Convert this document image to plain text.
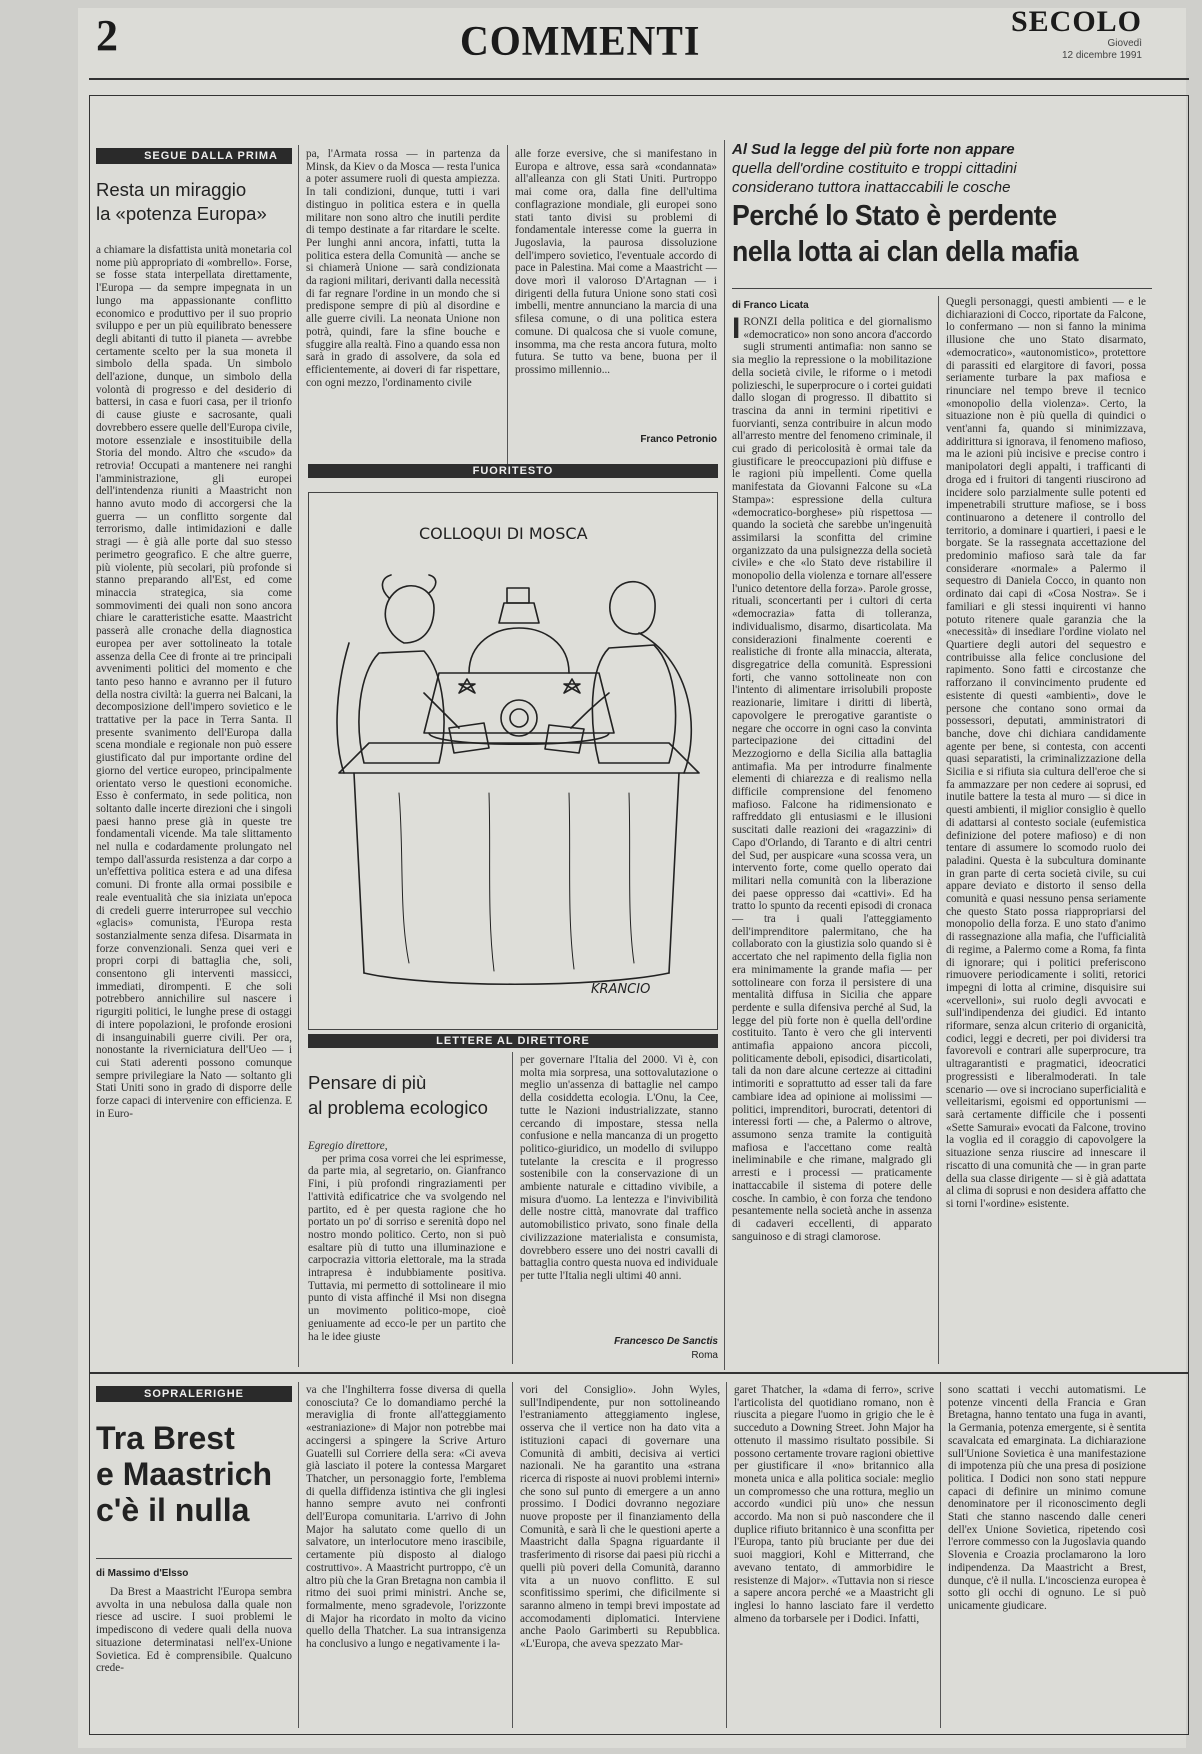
2	COMMENTI	SECOLO
Giovedì
12 dicembre 1991
SEGUE DALLA PRIMA
Resta un miraggio
la «potenza Europa»

a chiamare la disfattista unità monetaria col nome più appropriato di «ombrello». Forse, se fosse stata interpellata direttamente, l'Europa — da sempre impegnata in un lungo ma appassionante conflitto economico e produttivo per il suo proprio sviluppo e per un più equilibrato benessere degli abitanti di tutto il pianeta — avrebbe certamente scelto per la sua moneta il simbolo della spada. Un simbolo dell'azione, dunque, un simbolo della volontà di progresso e del desiderio di battersi, in casa e fuori casa, per il trionfo di cause giuste e sacrosante, quali dovrebbero essere quelle dell'Europa civile, motore essenziale e insostituibile della Storia del mondo. Altro che «scudo» da retrovia! Occupati a mantenere nei ranghi l'amministrazione, gli europei dell'intendenza riuniti a Maastricht non hanno avuto modo di accorgersi che la guerra — un conflitto sorgente dal terrorismo, dalle intimidazioni e dalle stragi — è già alle porte dal suo stesso perimetro geografico. E che altre guerre, più violente, più secolari, più profonde si stanno preparando all'Est, ed come minaccia strategica, sia come sommovimenti dei quali non sono ancora chiare le caratteristiche esatte. Maastricht passerà alle cronache della diagnostica europea per aver sottolineato la totale assenza della Cee di fronte ai tre principali avvenimenti politici del momento e che tanto peso hanno e avranno per il futuro della nostra civiltà: la guerra nei Balcani, la decomposizione dell'impero sovietico e le trattative per la pace in Terra Santa. Il presente svanimento dell'Europa dalla scena mondiale e regionale non può essere giustificato dal pur importante ordine del giorno del vertice europeo, principalmente orientato verso le questioni economiche. Esso è confermato, in sede politica, non soltanto dalle incerte direzioni che i singoli paesi hanno prese già in queste tre fondamentali vicende. Ma tale slittamento nel nulla e codardamente prolungato nel tempo dall'assurda resistenza a dar corpo a un'effettiva politica estera e ad una difesa comuni. Di fronte alla ormai possibile e reale eventualità che sia iniziata un'epoca di credeli guerre interurropee sul vecchio «glacis» comunista, l'Europa resta sostanzialmente senza difesa. Disarmata in forze convenzionali. Senza quei veri e propri corpi di battaglia che, soli, consentono gli interventi massicci, immediati, dirompenti. E che soli potrebbero annichilire sul nascere i rigurgiti politici, le lunghe prese di ostaggi di intere popolazioni, le profonde erosioni di insanguinabili guerre civili. Per ora, nonostante la riverniciatura dell'Ueo — i cui Stati aderenti possono comunque sempre privilegiare la Nato — soltanto gli Stati Uniti sono in grado di disporre delle forze capaci di intervenire con efficienza. E in Euro-

pa, l'Armata rossa — in partenza da Minsk, da Kiev o da Mosca — resta l'unica a poter assumere ruoli di questa ampiezza. In tali condizioni, dunque, tutti i vari distinguo in politica estera e in quella militare non sono altro che inutili perdite di tempo destinate a far ritardare le scelte. Per lunghi anni ancora, infatti, tutta la politica estera della Comunità — anche se si chiamerà Unione — sarà condizionata da ragioni militari, derivanti dalla necessità di far regnare l'ordine in un mondo che si predispone sempre di più al disordine e alle guerre civili. La neonata Unione non potrà, quindi, fare la sfine bouche e sfuggire alla realtà. Fino a quando essa non sarà in grado di assolvere, da sola ed efficientemente, ai doveri di far rispettare, con ogni mezzo, l'ordinamento civile

alle forze eversive, che si manifestano in Europa e altrove, essa sarà «condannata» all'alleanza con gli Stati Uniti. Purtroppo mai come ora, dalla fine dell'ultima conflagrazione mondiale, gli europei sono stati tanto divisi su problemi di fondamentale interesse come la guerra in Jugoslavia, la paurosa dissoluzione dell'impero sovietico, l'eventuale accordo di pace in Palestina. Mai come a Maastricht — dove morì il valoroso D'Artagnan — i dirigenti della futura Unione sono stati così imbelli, mentre annunciano la marcia di una sfilesa comune, o di una politica estera comune. Di qualcosa che si vuole comune, insomma, ma che resta ancora futura, molto futura. Se tutto va bene, buona per il prossimo millennio...

Franco Petronio
FUORITESTO
COLLOQUI DI MOSCA
KRANCIO
LETTERE AL DIRETTORE
Pensare di più
al problema ecologico

Egregio direttore,

per prima cosa vorrei che lei esprimesse, da parte mia, al segretario, on. Gianfranco Fini, i più profondi ringraziamenti per l'attività edificatrice che va svolgendo nel partito, ed è per questa ragione che ho portato un po' di sorriso e serenità dopo nel nostro mondo politico. Certo, non si può esaltare più di tutto una illuminazione e carpocrazia vittoria elettorale, ma la strada intrapresa è indubbiamente positiva. Tuttavia, mi permetto di sottolineare il mio punto di vista affinché il Msi non disegna un movimento politico-mope, cioè geniuamente ad ecco-le per un partito che ha le idee giuste

per governare l'Italia del 2000. Vi è, con molta mia sorpresa, una sottovalutazione o meglio un'assenza di battaglie nel campo della cosiddetta ecologia. L'Onu, la Cee, tutte le Nazioni industrializzate, stanno cercando di impostare, stessa nella confusione e nella mancanza di un progetto politico-giuridico, un modello di sviluppo tutelante la crescita e il progresso sostenibile con la conservazione di un ambiente naturale e cittadino vivibile, a misura d'uomo. La lentezza e l'invivibilità delle nostre città, manovrate dal traffico automobilistico privato, sono finale della civilizzazione materialista e consumista, dovrebbero essere uno dei nostri cavalli di battaglia contro questa nuova ed individuale per tutte l'Italia negli ultimi 40 anni.

Francesco De Sanctis
Roma
Al Sud la legge del più forte non appare
quella dell'ordine costituito e troppi cittadini
considerano tuttora inattaccabili le cosche
Perché lo Stato è perdente
nella lotta ai clan della mafia
di Franco Licata
I RONZI della politica e del giornalismo «democratico» non sono ancora d'accordo sugli strumenti antimafia: non sanno se sia meglio la repressione o la mobilitazione della società civile, le riforme o i metodi polizieschi, le superprocure o i cortei guidati dallo slogan di progresso. Il dibattito si trascina da anni in termini ripetitivi e fuorvianti, senza contribuire in alcun modo all'arresto mentre del fenomeno criminale, il cui grado di pericolosità è ormai tale da giustificare le preoccupazioni più diffuse e le ragioni più impellenti. Come quella manifestata da Giovanni Falcone su «La Stampa»: espressione della cultura «democratico-borghese» più rispettosa — quando la società che sarebbe un'ingenuità assimilarsi la sconfitta del crimine organizzato da una pulsignezza della società civile» e che «lo Stato deve ristabilire il monopolio della violenza e tornare all'essere l'unico detentore della forza». Parole grosse, rituali, sconcertanti per i cultori di certa «democrazia» fatta di tolleranza, individualismo, disarmo, disarticolata. Ma considerazioni finalmente coerenti e realistiche di fronte alla minaccia, alterata, disgregatrice della comunità. Espressioni forti, che vanno sottolineate non con l'intento di alimentare irrisolubili proposte reazionarie, limitare i diritti di libertà, capovolgere le prerogative garantiste o negare che occorre in ogni caso la convinta partecipazione dei cittadini del Mezzogiorno e della Sicilia alla battaglia antimafia. Ma per introdurre finalmente elementi di chiarezza e di realismo nella difficile comprensione del fenomeno mafioso. Falcone ha ridimensionato e raffreddato gli entusiasmi e le illusioni suscitati dalle reazioni dei «ragazzini» di Capo d'Orlando, di Taranto e di altri centri del Sud, per auspicare «una scossa vera, un intervento forte, come quello operato dai militari nella comunità con la liberazione dei paese oppresso dai «cattivi». Ed ha tratto lo spunto da recenti episodi di cronaca — tra i quali l'atteggiamento dell'imprenditore palermitano, che ha collaborato con la giustizia solo quando si è accertato che nel rapimento della figlia non era minimamente la grande mafia — per sottolineare con forza il persistere di una mentalità diffusa in Sicilia che appare perdente e sulla difensiva perché al Sud, la legge del più forte non è quella dell'ordine costituito. Tanto è vero che gli interventi antimafia appaiono ancora piccoli, politicamente deboli, episodici, disarticolati, tali da non dare alcune certezze ai cittadini intimoriti e soprattutto ad esser tali da fare cambiare idea ad opinione ai molissimi — politici, imprenditori, burocrati, detentori di interessi forti — che, a Palermo o altrove, assumono senza tramite la contiguità mafiosa e l'accettano come realtà ineliminabile e che rimane, malgrado gli arresti e i processi — praticamente inattaccabile il sistema di potere delle cosche. In cambio, è con forza che tendono pesantemente nella società anche in assenza di cadaveri eccellenti, di apparato sanguinoso e di stragi clamorose.

Quegli personaggi, questi ambienti — e le dichiarazioni di Cocco, riportate da Falcone, lo confermano — non si fanno la minima illusione che uno Stato disarmato, «democratico», «autonomistico», protettore di parassiti ed elargitore di favori, possa seriamente turbare la pax mafiosa e rinunciare nel tempo breve il tecnico «monopolio della violenza». Certo, la situazione non è più quella di quindici o vent'anni fa, quando si minimizzava, addirittura si ignorava, il fenomeno mafioso, ma le azioni più incisive e precise contro i manipolatori degli appalti, i trafficanti di droga ed i fruitori di tangenti riuscirono ad incidere solo parzialmente sulle potenti ed impenetrabili strutture mafiose, se i boss continuarono a detenere il controllo del territorio, a dominare i quartieri, i paesi e le borgate. Se la rassegnata accettazione del predominio mafioso sarà tale da far considerare «normale» a Palermo il sequestro di Daniela Cocco, in quanto non ordinato dai capi di «Cosa Nostra». Se i familiari e gli stessi inquirenti vi hanno potuto ritenere quale garanzia che la «necessità» di insediare l'ordine violato nel Quartiere degli autori del sequestro e contribuisse alla felice conclusione del rapimento. Sono fatti e circostanze che rafforzano il convincimento prudente ed esistente di questi «ambienti», dove le persone che contano sono ormai da possessori, deputati, amministratori di banche, dove chi dichiara candidamente agente per bene, si contesta, con accenti quasi separatisti, la criminalizzazione della Sicilia e si rifiuta sia cultura dell'eroe che si fa ammazzare per non cedere ai soprusi, ed inutile battere la testa al muro — si dice in questi ambienti, il miglior consiglio è quello di adattarsi al contesto sociale (eufemistica definizione del potere mafioso) e di non tentare di assumere lo scomodo ruolo dei paladini. Questa è la subcultura dominante in gran parte di certa società civile, su cui appare deviato e distorto il senso della comunità e quasi nessuno pensa seriamente che questo Stato possa riappropriarsi del monopolio della forza. E uno stato d'animo di rassegnazione alla mafia, che l'ufficialità di regime, a Palermo come a Roma, fa finta di ignorare; qui i politici preferiscono rimuovere periodicamente i soliti, retorici impegni di lotta al crimine, disquisire sui «cervelloni», sui ruolo degli avvocati e sull'indipendenza dei giudici. Ed intanto riformare, senza alcun criterio di organicità, codici, leggi e decreti, per poi dividersi tra favorevoli e contrari alle superprocure, tra ultragarantisti e pragmatici, ideocratici progressisti e liberalmoderati. In tale scenario — ove si incrociano superficialità e velleitarismi, egoismi ed opportunismi — sarà certamente difficile che i possenti «Sette Samurai» evocati da Falcone, trovino la voglia ed il coraggio di capovolgere la situazione senza riuscire ad innescare il riscatto di una comunità che — in gran parte della sua classe dirigente — si è già adattata al clima di soprusi e non desidera affatto che si torni l'«ordine» esistente.

SOPRALERIGHE
Tra Brest
e Maastrich
c'è il nulla
di Massimo d'Elsso

Da Brest a Maastricht l'Europa sembra avvolta in una nebulosa dalla quale non riesce ad uscire. I suoi problemi le impediscono di vedere quali della nuova situazione determinatasi nell'ex-Unione Sovietica. Ed è comprensibile. Qualcuno crede-

va che l'Inghilterra fosse diversa di quella conosciuta? Ce lo domandiamo perché la meraviglia di fronte all'atteggiamento «estraniazione» di Major non potrebbe mai accingersi a spingere la Scrive Arturo Guatelli sul Corriere della sera: «Ci aveva già lasciato il potere la contessa Margaret Thatcher, un personaggio forte, l'emblema di quella diffidenza istintiva che gli inglesi hanno sempre avuto nei confronti dell'Europa comunitaria. L'arrivo di John Major ha salutato come quello di un salvatore, un interlocutore meno irascibile, certamente più disposto al dialogo costruttivo». A Maastricht purtroppo, c'è un altro più che la Gran Bretagna non cambia il ritmo dei suoi primi ministri. Anche se, formalmente, meno sgradevole, l'orizzonte di Major ha ricordato in molto da vicino quello della Thatcher. La sua intransigenza ha conclusivo a lungo e negativamente i la-

vori del Consiglio». John Wyles, sull'Indipendente, pur non sottolineando l'estraniamento atteggiamento inglese, osserva che il vertice non ha dato vita a istituzioni capaci di governare una Comunità di ambiti, decisiva ai vertici nazionali. Ne ha garantito una «strana ricerca di risposte ai nuovi problemi interni» che sono sul punto di emergere a un anno prossimo. I Dodici dovranno negoziare nuove proposte per il finanziamento della Comunità, e sarà lì che le questioni aperte a Maastricht dalla Spagna riguardante il trasferimento di risorse dai paesi più ricchi a quelli più poveri della Comunità, daranno vita a un nuovo conflitto. E sul sconfitissimo sperimi, che dificilmente si saranno almeno in tempi brevi impostate ad accomodamenti diplomatici. Interviene anche Paolo Garimberti su Repubblica. «L'Europa, che aveva spezzato Mar-

garet Thatcher, la «dama di ferro», scrive l'articolista del quotidiano romano, non è riuscita a piegare l'uomo in grigio che le è succeduto a Downing Street. John Major ha ottenuto il massimo risultato possibile. Si possono certamente trovare ragioni obiettive per giustificare il «no» britannico alla moneta unica e alla politica sociale: meglio un compromesso che una rottura, meglio un accordo «undici più uno» che nessun accordo. Ma non si può nascondere che il duplice rifiuto britannico è una sconfitta per l'Europa, tanto più bruciante per due dei suoi maggiori, Kohl e Mitterrand, che avevano tentato, di ammorbidire le resistenze di Major». «Tuttavia non si riesce a sapere ancora perché «e a Maastricht gli inglesi lo hanno lasciato fare il verdetto almeno da torbarsele per i Dodici. Infatti,

sono scattati i vecchi automatismi. Le potenze vincenti della Francia e Gran Bretagna, hanno tentato una fuga in avanti, la Germania, potenza emergente, si è sentita scavalcata ed emarginata. La dichiarazione sull'Unione Sovietica è una manifestazione di impotenza più che una presa di posizione politica. I Dodici non sono stati neppure capaci di definire un minimo comune denominatore per il riconoscimento degli Stati che stanno nascendo dalle ceneri dell'ex Unione Sovietica, ripetendo così l'errore commesso con la Jugoslavia quando Slovenia e Croazia proclamarono la loro indipendenza. Da Maastricht a Brest, dunque, c'è il nulla. L'incoscienza europea è sotto gli occhi di ognuno. Le si può unicamente giudicare.
